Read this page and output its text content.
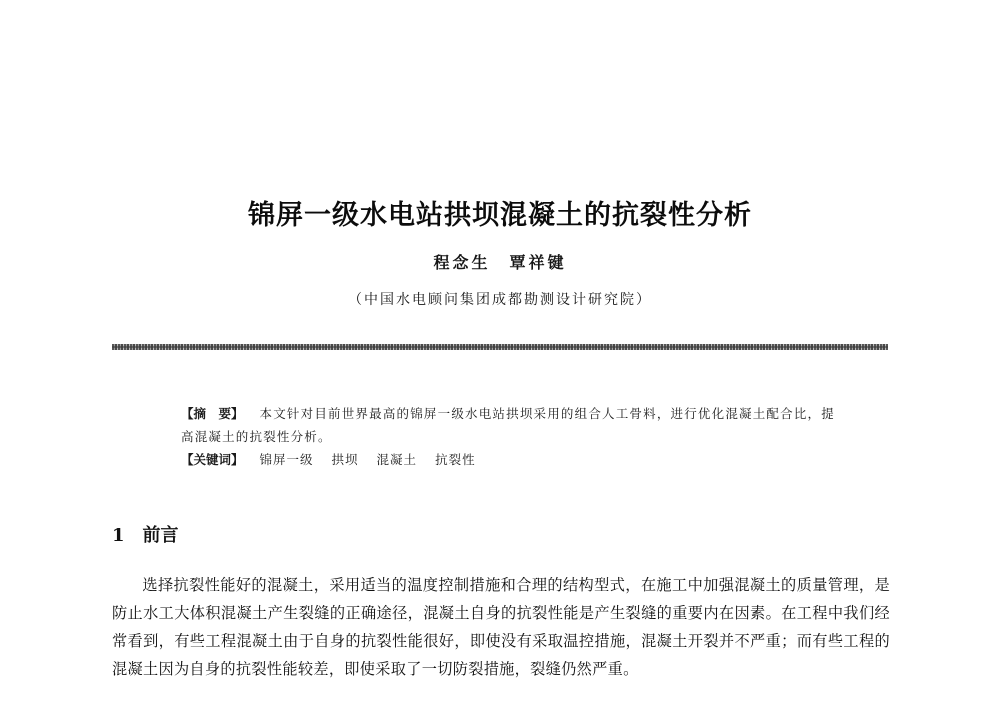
锦屏一级水电站拱坝混凝土的抗裂性分析
程念生　覃祥键
（中国水电顾问集团成都勘测设计研究院）
【摘　要】 本文针对目前世界最高的锦屏一级水电站拱坝采用的组合人工骨料，进行优化混凝土配合比，提高混凝土的抗裂性分析。
【关键词】 锦屏一级 拱坝 混凝土 抗裂性
1 前言
选择抗裂性能好的混凝土，采用适当的温度控制措施和合理的结构型式，在施工中加强混凝土的质量管理，是防止水工大体积混凝土产生裂缝的正确途径，混凝土自身的抗裂性能是产生裂缝的重要内在因素。在工程中我们经常看到，有些工程混凝土由于自身的抗裂性能很好，即使没有采取温控措施，混凝土开裂并不严重；而有些工程的混凝土因为自身的抗裂性能较差，即使采取了一切防裂措施，裂缝仍然严重。
